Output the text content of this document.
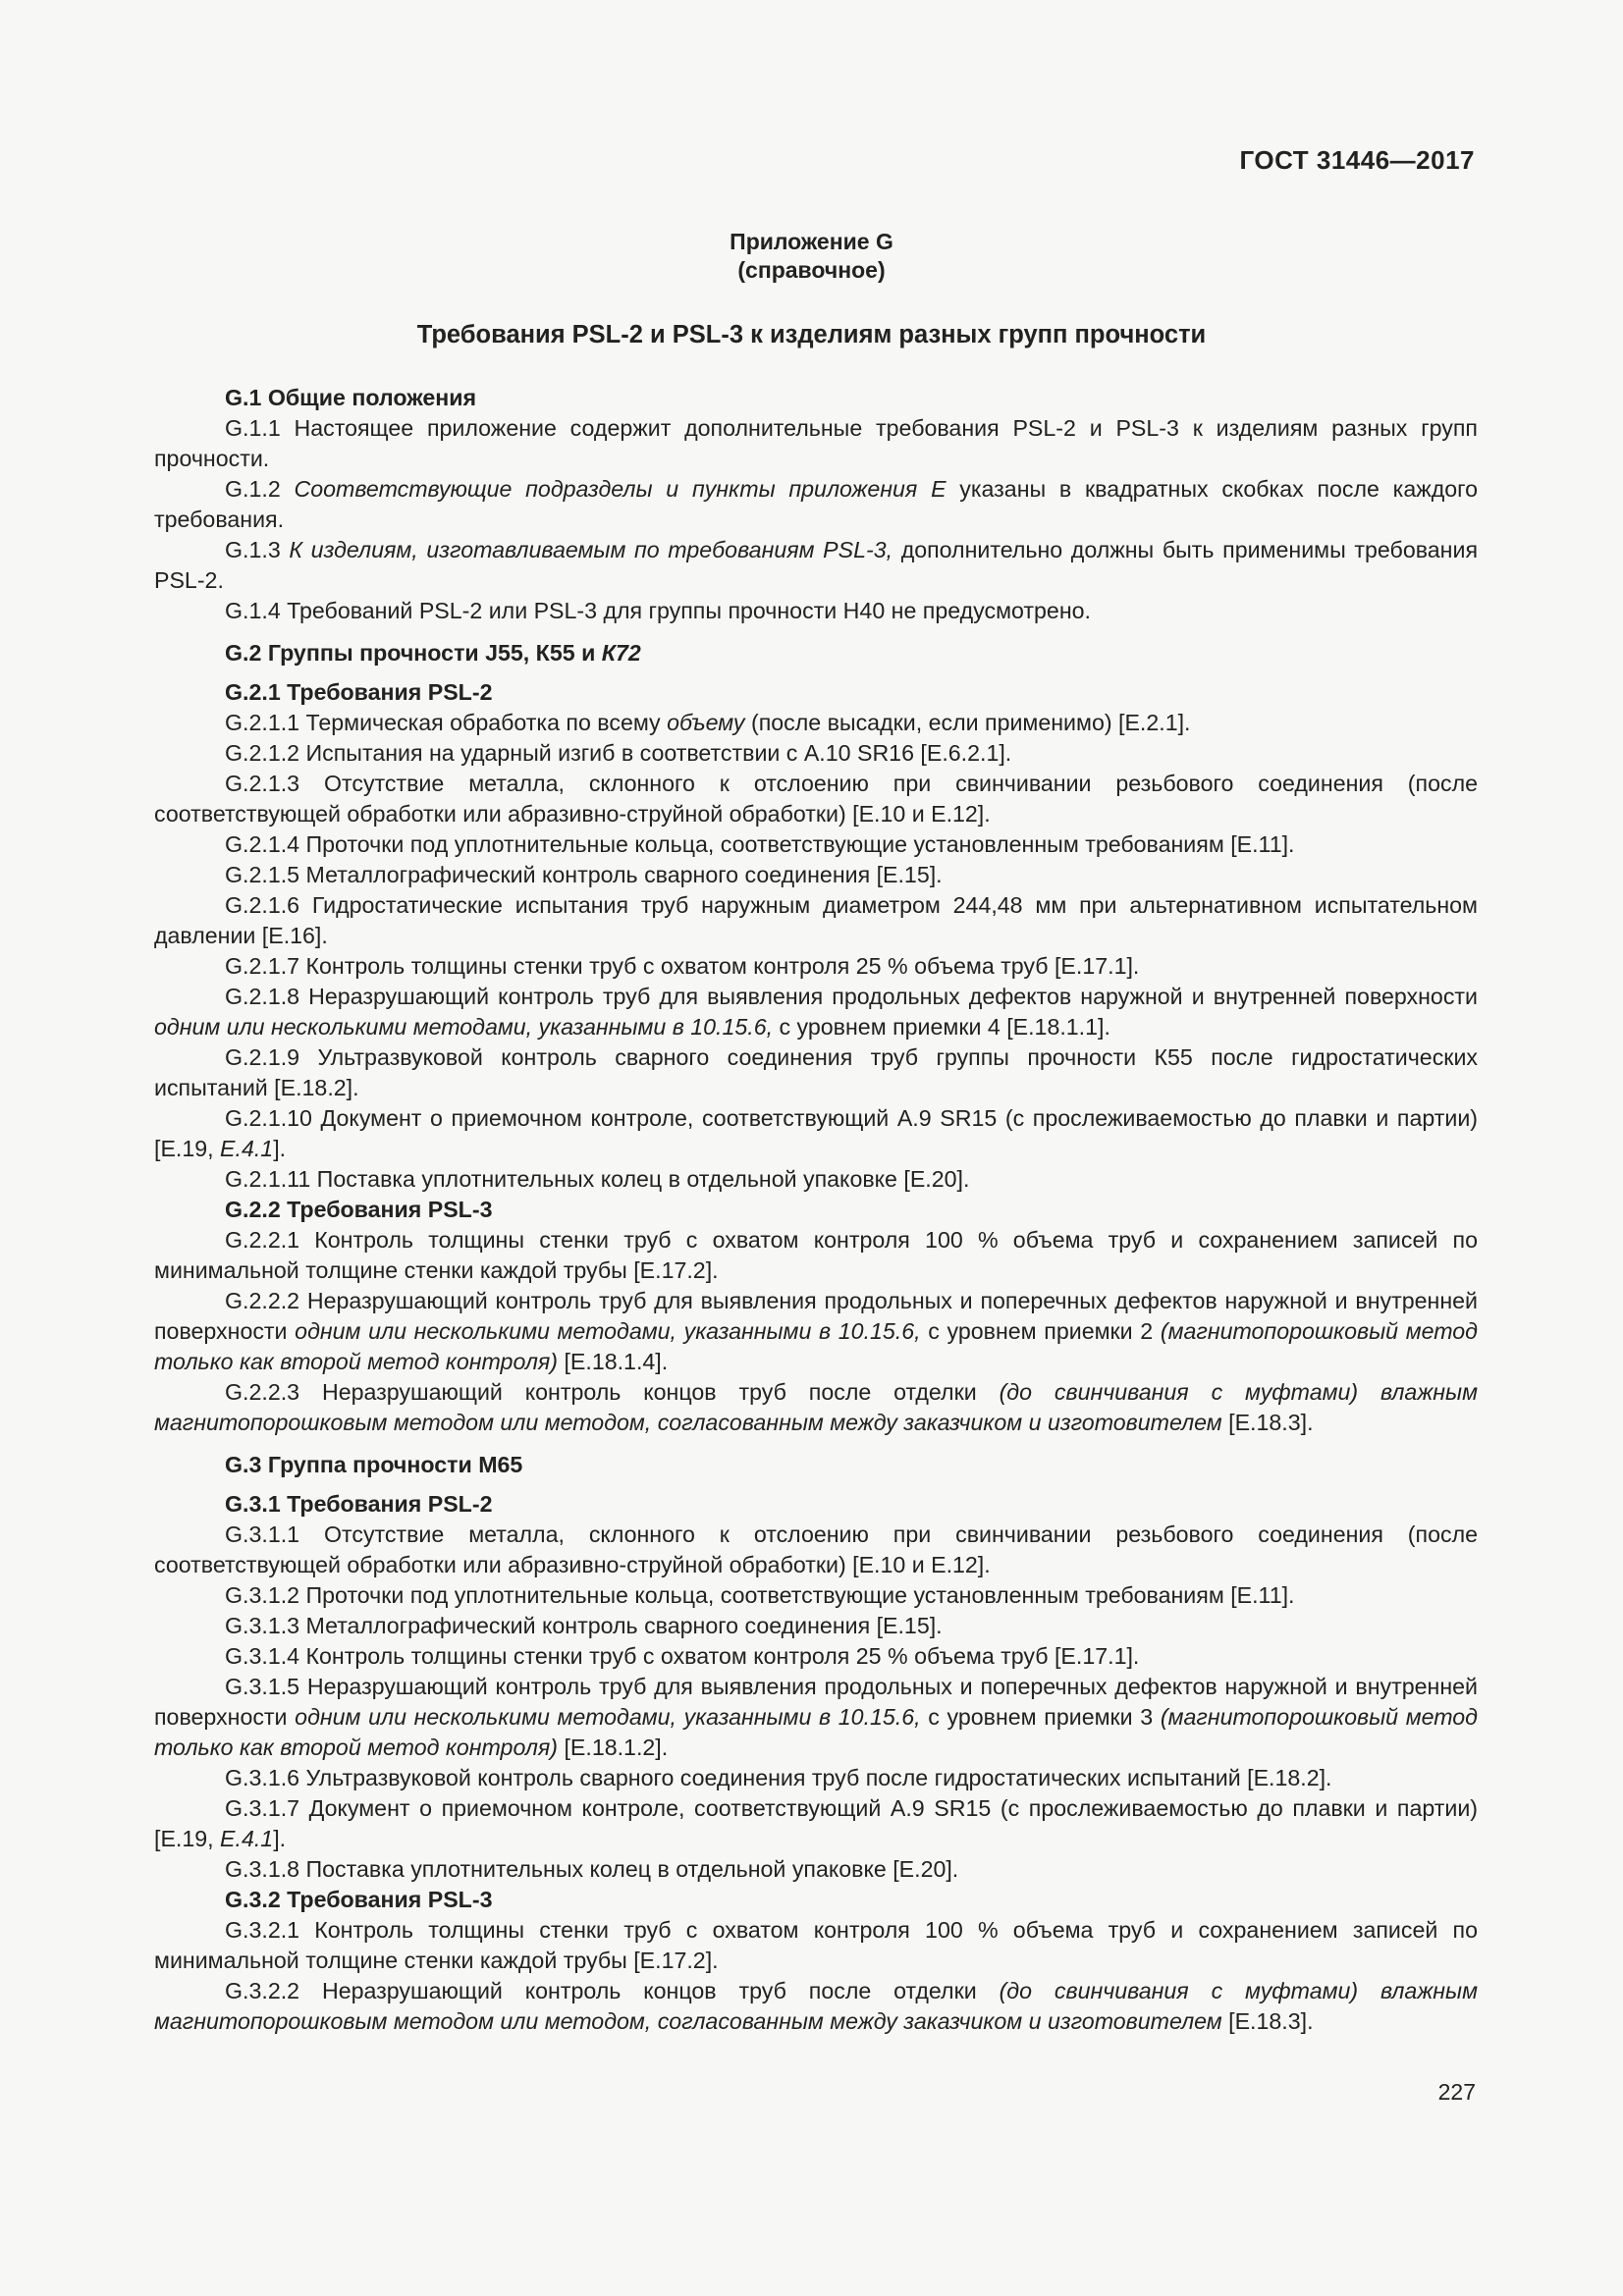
ГОСТ 31446—2017
Приложение G
(справочное)
Требования PSL-2 и PSL-3 к изделиям разных групп прочности
G.1 Общие положения

G.1.1 Настоящее приложение содержит дополнительные требования PSL-2 и PSL-3 к изделиям разных групп прочности.

G.1.2 Соответствующие подразделы и пункты приложения Е указаны в квадратных скобках после каждого требования.

G.1.3 К изделиям, изготавливаемым по требованиям PSL-3, дополнительно должны быть применимы требования PSL-2.

G.1.4 Требований PSL-2 или PSL-3 для группы прочности Н40 не предусмотрено.

G.2 Группы прочности J55, К55 и К72
G.2.1 Требования PSL-2

G.2.1.1 Термическая обработка по всему объему (после высадки, если применимо) [Е.2.1].

G.2.1.2 Испытания на ударный изгиб в соответствии с А.10 SR16 [Е.6.2.1].

G.2.1.3 Отсутствие металла, склонного к отслоению при свинчивании резьбового соединения (после соответствующей обработки или абразивно-струйной обработки) [Е.10 и Е.12].

G.2.1.4 Проточки под уплотнительные кольца, соответствующие установленным требованиям [Е.11].

G.2.1.5 Металлографический контроль сварного соединения [Е.15].

G.2.1.6 Гидростатические испытания труб наружным диаметром 244,48 мм при альтернативном испытательном давлении [Е.16].

G.2.1.7 Контроль толщины стенки труб с охватом контроля 25 % объема труб [Е.17.1].

G.2.1.8 Неразрушающий контроль труб для выявления продольных дефектов наружной и внутренней поверхности одним или несколькими методами, указанными в 10.15.6, с уровнем приемки 4 [Е.18.1.1].

G.2.1.9 Ультразвуковой контроль сварного соединения труб группы прочности К55 после гидростатических испытаний [Е.18.2].

G.2.1.10 Документ о приемочном контроле, соответствующий А.9 SR15 (с прослеживаемостью до плавки и партии) [Е.19, Е.4.1].

G.2.1.11 Поставка уплотнительных колец в отдельной упаковке [Е.20].

G.2.2 Требования PSL-3

G.2.2.1 Контроль толщины стенки труб с охватом контроля 100 % объема труб и сохранением записей по минимальной толщине стенки каждой трубы [Е.17.2].

G.2.2.2 Неразрушающий контроль труб для выявления продольных и поперечных дефектов наружной и внутренней поверхности одним или несколькими методами, указанными в 10.15.6, с уровнем приемки 2 (магнитопорошковый метод только как второй метод контроля) [Е.18.1.4].

G.2.2.3 Неразрушающий контроль концов труб после отделки (до свинчивания с муфтами) влажным магнитопорошковым методом или методом, согласованным между заказчиком и изготовителем [Е.18.3].

G.3 Группа прочности М65
G.3.1 Требования PSL-2

G.3.1.1 Отсутствие металла, склонного к отслоению при свинчивании резьбового соединения (после соответствующей обработки или абразивно-струйной обработки) [Е.10 и Е.12].

G.3.1.2 Проточки под уплотнительные кольца, соответствующие установленным требованиям [Е.11].

G.3.1.3 Металлографический контроль сварного соединения [Е.15].

G.3.1.4 Контроль толщины стенки труб с охватом контроля 25 % объема труб [Е.17.1].

G.3.1.5 Неразрушающий контроль труб для выявления продольных и поперечных дефектов наружной и внутренней поверхности одним или несколькими методами, указанными в 10.15.6, с уровнем приемки 3 (магнитопорошковый метод только как второй метод контроля) [Е.18.1.2].

G.3.1.6 Ультразвуковой контроль сварного соединения труб после гидростатических испытаний [Е.18.2].

G.3.1.7 Документ о приемочном контроле, соответствующий А.9 SR15 (с прослеживаемостью до плавки и партии) [Е.19, Е.4.1].

G.3.1.8 Поставка уплотнительных колец в отдельной упаковке [Е.20].

G.3.2 Требования PSL-3

G.3.2.1 Контроль толщины стенки труб с охватом контроля 100 % объема труб и сохранением записей по минимальной толщине стенки каждой трубы [Е.17.2].

G.3.2.2 Неразрушающий контроль концов труб после отделки (до свинчивания с муфтами) влажным магнитопорошковым методом или методом, согласованным между заказчиком и изготовителем [Е.18.3].

227
